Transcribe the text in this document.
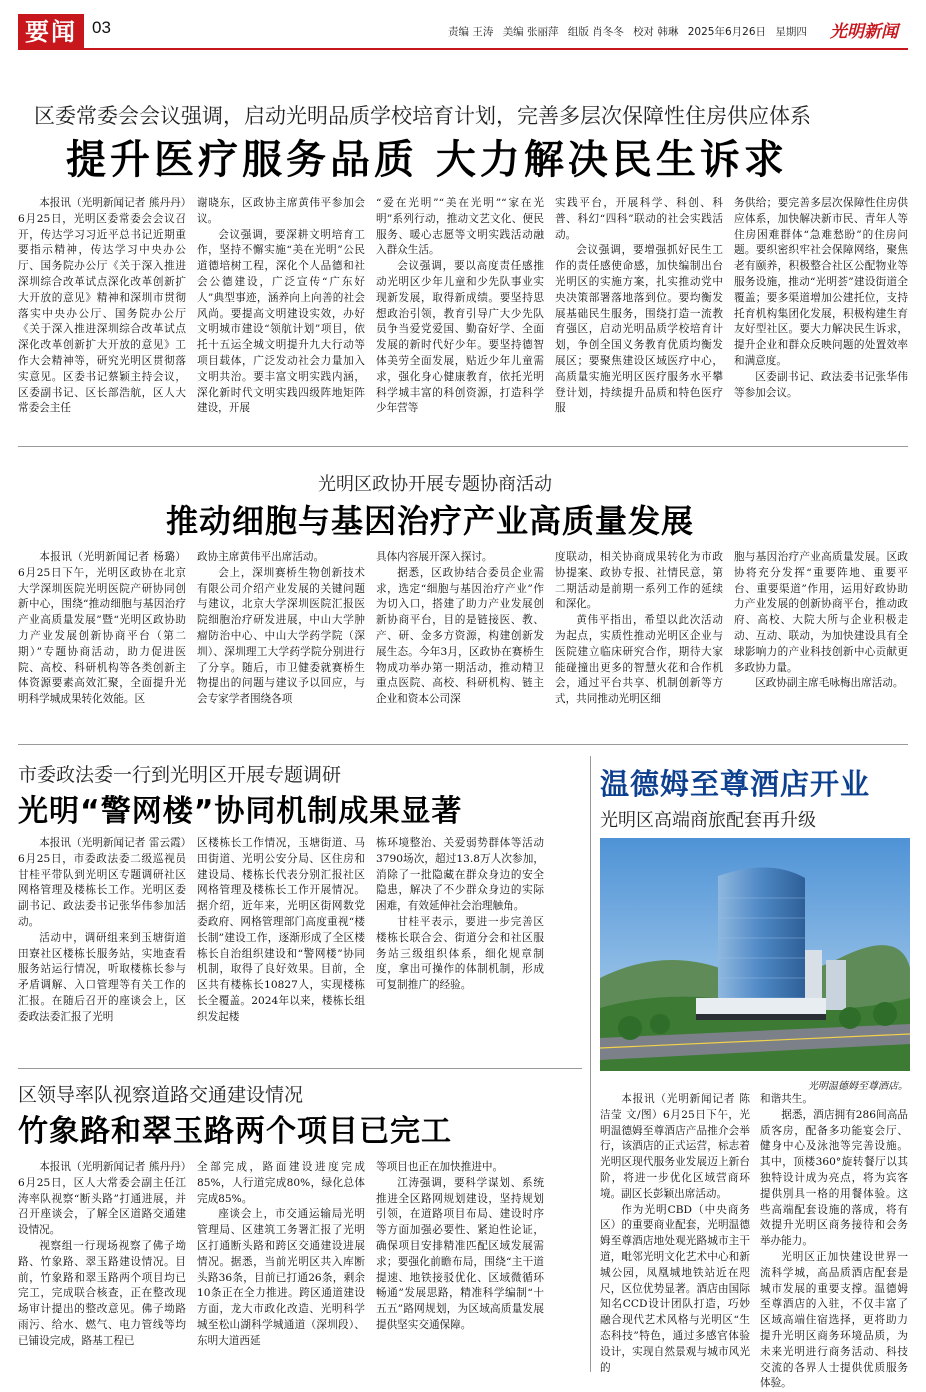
要闻 03	责编 王涛 美编 张丽萍 组版 肖冬冬 校对 韩琳 2025年6月26日 星期四	光明新闻
区委常委会会议强调，启动光明品质学校培育计划，完善多层次保障性住房供应体系
提升医疗服务品质 大力解决民生诉求

本报讯（光明新闻记者 熊丹丹）6月25日，光明区委常委会会议召开，传达学习习近平总书记近期重要指示精神，传达学习中央办公厅、国务院办公厅《关于深入推进深圳综合改革试点深化改革创新扩大开放的意见》精神和深圳市贯彻落实中央办公厅、国务院办公厅《关于深入推进深圳综合改革试点深化改革创新扩大开放的意见》工作大会精神等，研究光明区贯彻落实意见。区委书记蔡颖主持会议，区委副书记、区长部浩航，区人大常委会主任

谢晓东，区政协主席黄伟平参加会议。

会议强调，要深耕文明培育工作，坚持不懈实施“美在光明”公民道德培树工程，深化个人品德和社会公德建设，广泛宣传“广东好人”典型事迹，涵养向上向善的社会风尚。要提高文明建设实效，办好文明城市建设“领航计划”项目，依托十五运全城文明提升九大行动等项目载体，广泛发动社会力量加入文明共治。要丰富文明实践内涵，深化新时代文明实践四级阵地矩阵建设，开展

“爱在光明”“美在光明”“家在光明”系列行动，推动文艺文化、便民服务、暖心志愿等文明实践活动融入群众生活。

会议强调，要以高度责任感推动光明区少年儿童和少先队事业实现新发展，取得新成绩。要坚持思想政治引领，教育引导广大少先队员争当爱党爱国、勤奋好学、全面发展的新时代好少年。要坚持德智体美劳全面发展，贴近少年儿童需求，强化身心健康教育，依托光明科学城丰富的科创资源，打造科学少年营等

实践平台，开展科学、科创、科普、科幻“四科”联动的社会实践活动。

会议强调，要增强抓好民生工作的责任感使命感，加快编制出台光明区的实施方案，扎实推动党中央决策部署落地落到位。要均衡发展基础民生服务，围绕打造一流教育强区，启动光明品质学校培育计划，争创全国义务教育优质均衡发展区；要聚焦建设区域医疗中心，高质量实施光明区医疗服务水平攀登计划，持续提升品质和特色医疗服

务供给；要完善多层次保障性住房供应体系，加快解决新市民、青年人等住房困难群体“急难愁盼”的住房问题。要织密织牢社会保障网络，聚焦老有颐养，积极整合社区公配物业等服务设施，推动“光明荟”建设街道全覆盖；要多渠道增加公建托位，支持托育机构集团化发展，积极构建生育友好型社区。要大力解决民生诉求，提升企业和群众反映问题的处置效率和满意度。

区委副书记、政法委书记张华伟等参加会议。

光明区政协开展专题协商活动
推动细胞与基因治疗产业高质量发展

本报讯（光明新闻记者 杨璐）6月25日下午，光明区政协在北京大学深圳医院光明医院产研协同创新中心，围绕“推动细胞与基因治疗产业高质量发展”暨“光明区政协助力产业发展创新协商平台（第二期）”专题协商活动，助力促进医院、高校、科研机构等各类创新主体资源要素高效汇聚，全面提升光明科学城成果转化效能。区

政协主席黄伟平出席活动。

会上，深圳赛桥生物创新技术有限公司介绍产业发展的关键问题与建议，北京大学深圳医院汇报医院细胞治疗研发进展，中山大学肿瘤防治中心、中山大学药学院（深圳）、深圳理工大学药学院分别进行了分享。随后，市卫健委就赛桥生物提出的问题与建议予以回应，与会专家学者围绕各项

具体内容展开深入探讨。

据悉，区政协结合委员企业需求，选定“细胞与基因治疗产业”作为切入口，搭建了助力产业发展创新协商平台，目的是链接医、教、产、研、金多方资源，构建创新发展生态。今年3月，区政协在赛桥生物成功举办第一期活动，推动精卫重点医院、高校、科研机构、链主企业和资本公司深

度联动，相关协商成果转化为市政协提案、政协专报、社情民意，第二期活动是前期一系列工作的延续和深化。

黄伟平指出，希望以此次活动为起点，实质性推动光明区企业与医院建立临床研究合作，期待大家能碰撞出更多的智慧火花和合作机会，通过平台共享、机制创新等方式，共同推动光明区细

胞与基因治疗产业高质量发展。区政协将充分发挥“重要阵地、重要平台、重要渠道”作用，运用好政协助力产业发展的创新协商平台，推动政府、高校、大院大所与企业积极走动、互动、联动，为加快建设具有全球影响力的产业科技创新中心贡献更多政协力量。

区政协副主席毛咏梅出席活动。

市委政法委一行到光明区开展专题调研
光明“警网楼”协同机制成果显著

本报讯（光明新闻记者 雷云霞）6月25日，市委政法委二级巡视员甘桂平带队到光明区专题调研社区网格管理及楼栋长工作。光明区委副书记、政法委书记张华伟参加活动。

活动中，调研组来到玉塘街道田寮社区楼栋长服务站，实地查看服务站运行情况，听取楼栋长参与矛盾调解、入口管理等有关工作的汇报。在随后召开的座谈会上，区委政法委汇报了光明

区楼栋长工作情况，玉塘街道、马田街道、光明公安分局、区住房和建设局、楼栋长代表分别汇报社区网格管理及楼栋长工作开展情况。据介绍，近年来，光明区街网数党委政府、网格管理部门高度重视“楼长制”建设工作，逐渐形成了全区楼栋长自治组织建设和“警网楼”协同机制，取得了良好效果。目前，全区共有楼栋长10827人，实现楼栋长全覆盖。2024年以来，楼栋长组织发起楼

栋环境整治、关爱弱势群体等活动3790场次，超过13.8万人次参加，消除了一批隐藏在群众身边的安全隐患，解决了不少群众身边的实际困难，有效延伸社会治理触角。

甘桂平表示，要进一步完善区楼栋长联合会、街道分会和社区服务站三级组织体系，细化规章制度，拿出可操作的体制机制，形成可复制推广的经验。

区领导率队视察道路交通建设情况
竹象路和翠玉路两个项目已完工

本报讯（光明新闻记者 熊丹丹）6月25日，区人大常委会副主任江涛率队视察“断头路”打通进展，并召开座谈会，了解全区道路交通建设情况。

视察组一行现场视察了佛子坳路、竹象路、翠玉路建设情况。目前，竹象路和翠玉路两个项目均已完工，完成联合核查，正在整改现场审计提出的整改意见。佛子坳路雨污、给水、燃气、电力管线等均已铺设完成，路基工程已

全部完成，路面建设进度完成85%，人行道完成80%，绿化总体完成85%。

座谈会上，市交通运输局光明管理局、区建筑工务署汇报了光明区打通断头路和跨区交通建设进展情况。据悉，当前光明区共入库断头路36条，目前已打通26条，剩余10条正在全力推进。跨区通道建设方面，龙大市政化改造、光明科学城至松山湖科学城通道（深圳段）、东明大道西延

等项目也正在加快推进中。

江涛强调，要科学谋划、系统推进全区路网规划建设，坚持规划引领，在道路项目布局、建设时序等方面加强必要性、紧迫性论证，确保项目安排精准匹配区域发展需求；要强化前瞻布局，围绕“主干道提速、地铁接驳优化、区域微循环畅通”发展思路，精准科学编制“十五五”路网规划，为区域高质量发展提供坚实交通保障。

温德姆至尊酒店开业
光明区高端商旅配套再升级
光明温德姆至尊酒店。

本报讯（光明新闻记者 陈洁莹 文/图）6月25日下午，光明温德姆至尊酒店产品推介会举行，该酒店的正式运营，标志着光明区现代服务业发展迈上新台阶，将进一步优化区域营商环境。副区长彭颖出席活动。

作为光明CBD（中央商务区）的重要商业配套，光明温德姆至尊酒店地处观光路城市主干道，毗邻光明文化艺术中心和新城公园，凤凰城地铁站近在咫尺，区位优势显著。酒店由国际知名CCD设计团队打造，巧妙融合现代艺术风格与光明区“生态科技”特色，通过多感官体验设计，实现自然景观与城市风光的

和谐共生。

据悉，酒店拥有286间高品质客房，配备多功能宴会厅、健身中心及泳池等完善设施。其中，顶楼360°旋转餐厅以其独特设计成为亮点，将为宾客提供別具一格的用餐体验。这些高端配套设施的落成，将有效提升光明区商务接待和会务举办能力。

光明区正加快建设世界一流科学城，高品质酒店配套是城市发展的重要支撑。温德姆至尊酒店的入驻，不仅丰富了区域高端住宿选择，更将助力提升光明区商务环境品质，为未来光明进行商务活动、科技交流的各界人士提供优质服务体验。
